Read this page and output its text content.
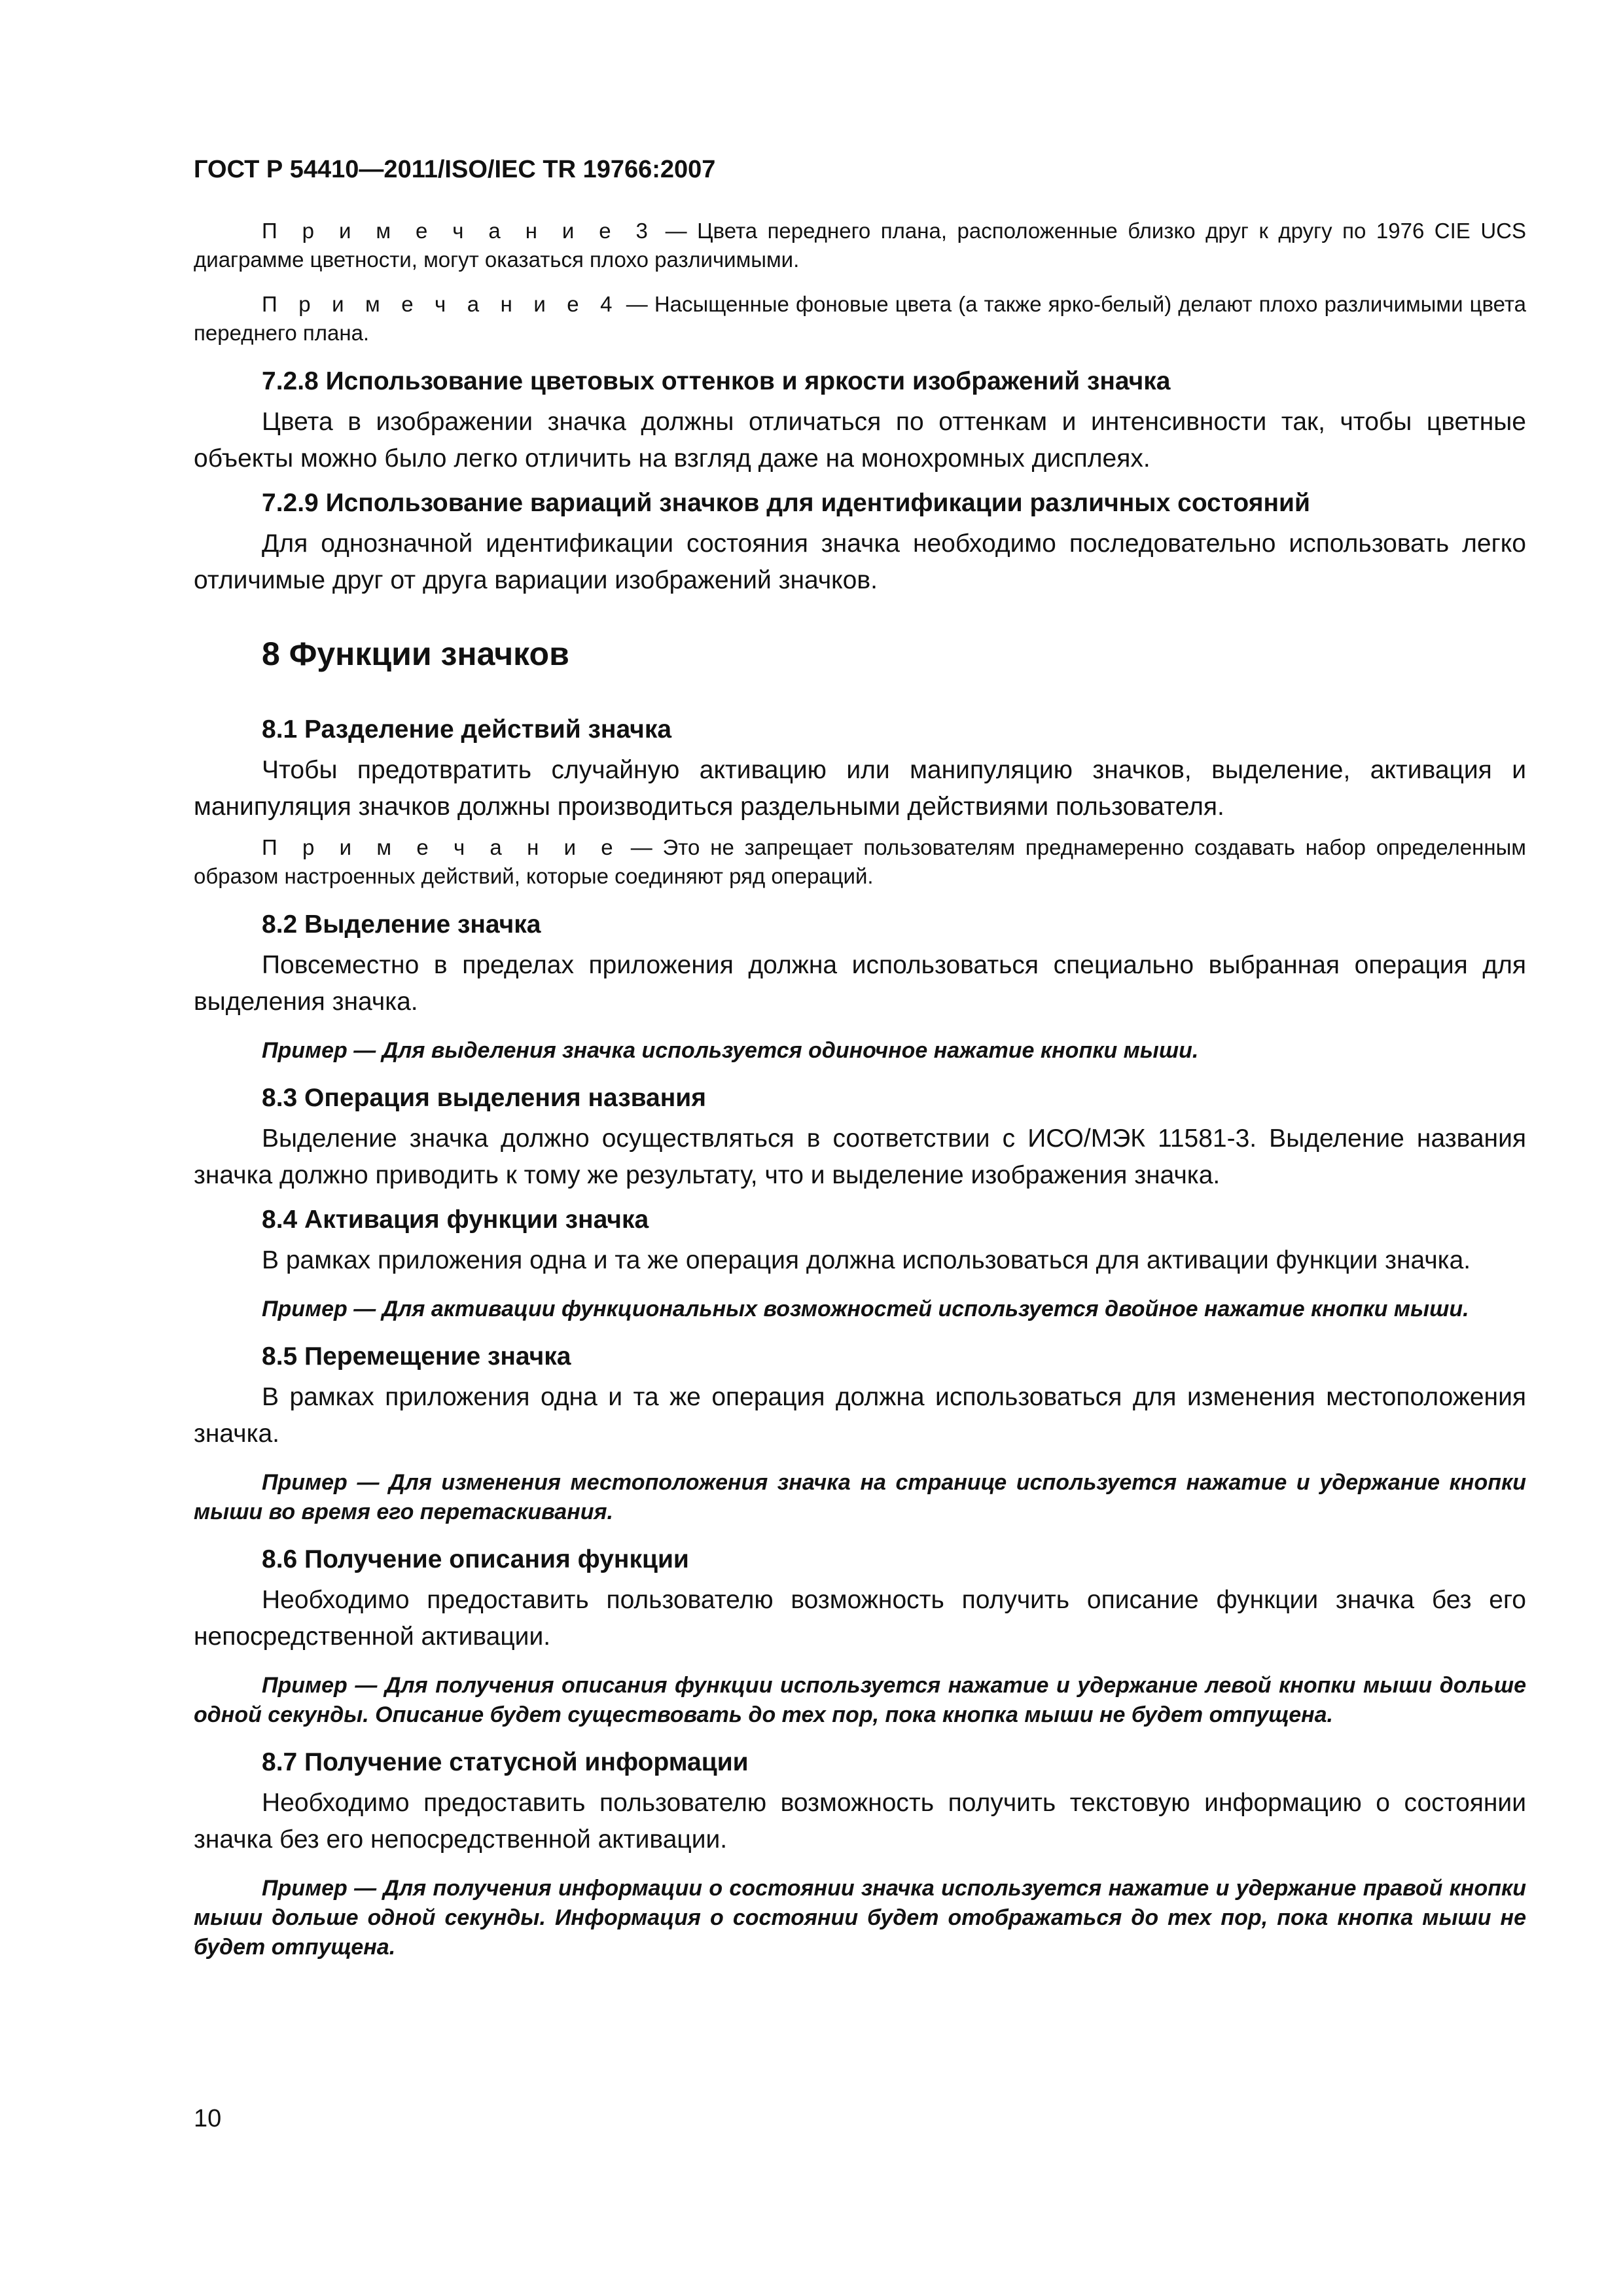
ГОСТ Р 54410—2011/ISO/IEC TR 19766:2007

П р и м е ч а н и е 3 — Цвета переднего плана, расположенные близко друг к другу по 1976 CIE UCS диаграмме цветности, могут оказаться плохо различимыми.

П р и м е ч а н и е 4 — Насыщенные фоновые цвета (а также ярко-белый) делают плохо различимыми цвета переднего плана.

7.2.8 Использование цветовых оттенков и яркости изображений значка

Цвета в изображении значка должны отличаться по оттенкам и интенсивности так, чтобы цветные объекты можно было легко отличить на взгляд даже на монохромных дисплеях.

7.2.9 Использование вариаций значков для идентификации различных состояний

Для однозначной идентификации состояния значка необходимо последовательно использовать легко отличимые друг от друга вариации изображений значков.

8 Функции значков
8.1 Разделение действий значка

Чтобы предотвратить случайную активацию или манипуляцию значков, выделение, активация и манипуляция значков должны производиться раздельными действиями пользователя.

П р и м е ч а н и е — Это не запрещает пользователям преднамеренно создавать набор определенным образом настроенных действий, которые соединяют ряд операций.

8.2 Выделение значка

Повсеместно в пределах приложения должна использоваться специально выбранная операция для выделения значка.

Пример — Для выделения значка используется одиночное нажатие кнопки мыши.

8.3 Операция выделения названия

Выделение значка должно осуществляться в соответствии с ИСО/МЭК 11581-3. Выделение названия значка должно приводить к тому же результату, что и выделение изображения значка.

8.4 Активация функции значка

В рамках приложения одна и та же операция должна использоваться для активации функции значка.

Пример — Для активации функциональных возможностей используется двойное нажатие кнопки мыши.

8.5 Перемещение значка

В рамках приложения одна и та же операция должна использоваться для изменения местоположения значка.

Пример — Для изменения местоположения значка на странице используется нажатие и удержание кнопки мыши во время его перетаскивания.

8.6 Получение описания функции

Необходимо предоставить пользователю возможность получить описание функции значка без его непосредственной активации.

Пример — Для получения описания функции используется нажатие и удержание левой кнопки мыши дольше одной секунды. Описание будет существовать до тех пор, пока кнопка мыши не будет отпущена.

8.7 Получение статусной информации

Необходимо предоставить пользователю возможность получить текстовую информацию о состоянии значка без его непосредственной активации.

Пример — Для получения информации о состоянии значка используется нажатие и удержание правой кнопки мыши дольше одной секунды. Информация о состоянии будет отображаться до тех пор, пока кнопка мыши не будет отпущена.

10
